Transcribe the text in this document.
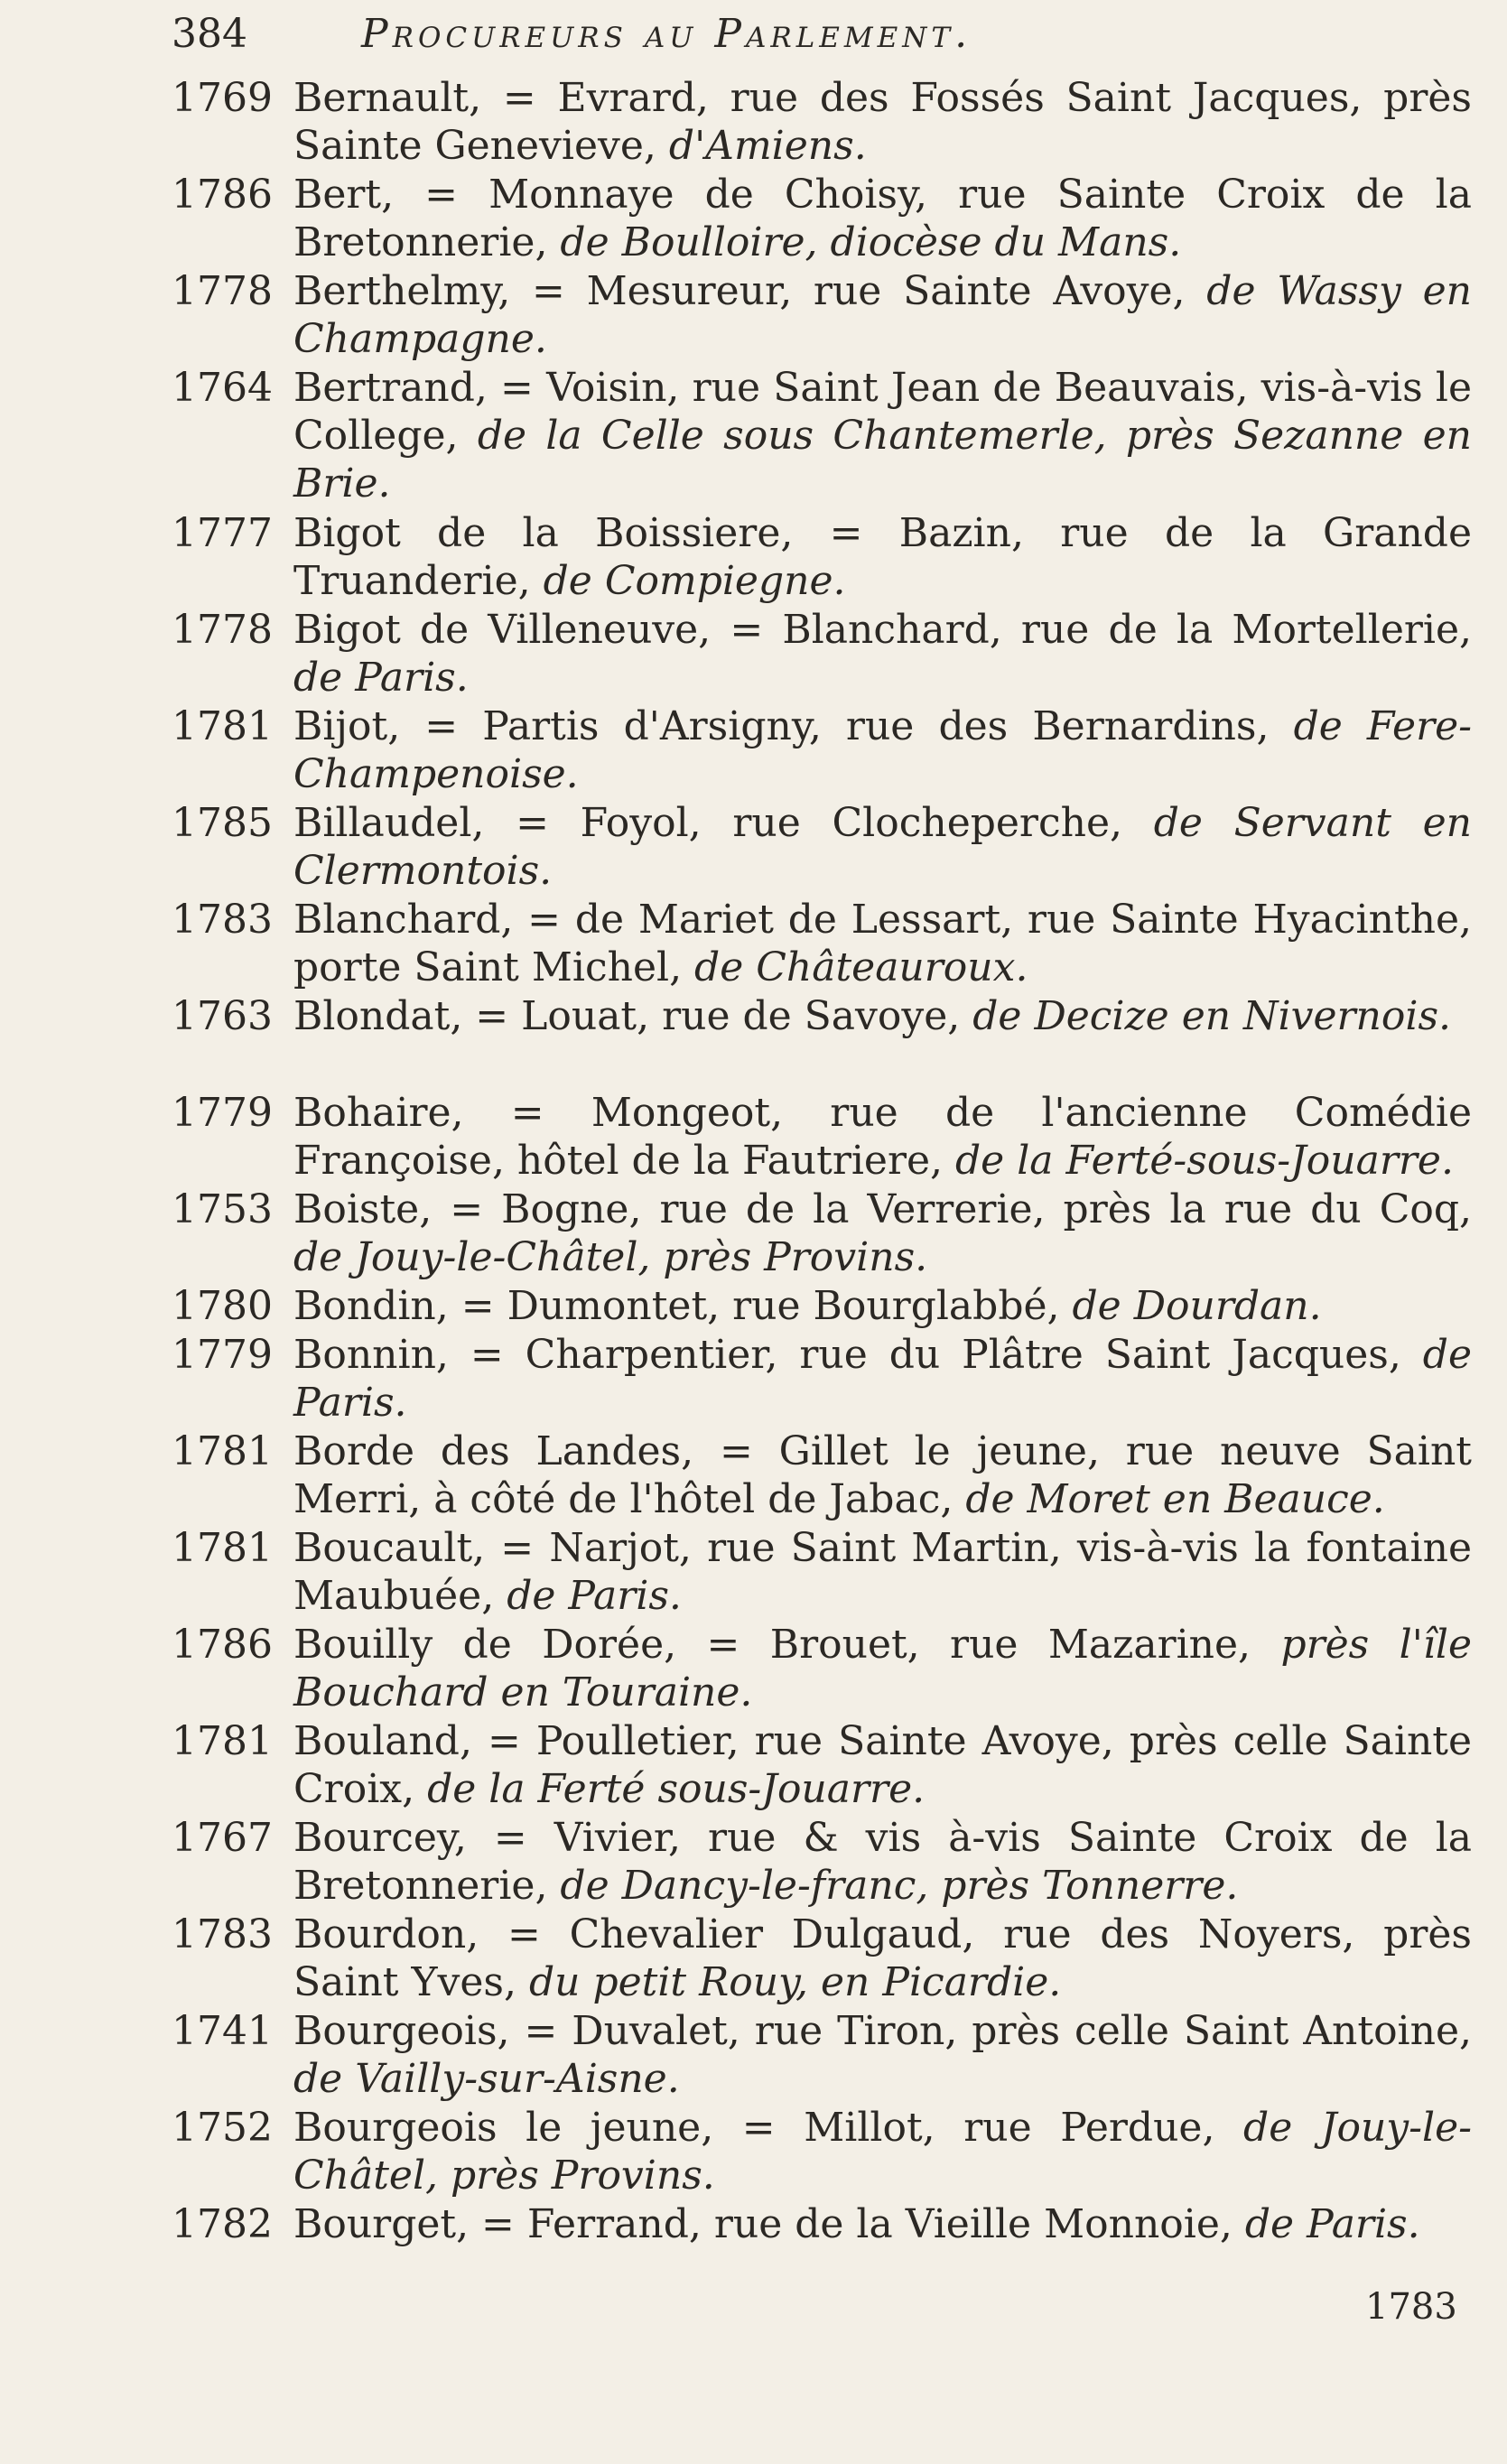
384	Procureurs au Parlement.
1769 Bernault, = Evrard, rue des Fossés Saint Jacques, près Sainte Genevieve, d'Amiens.
1786 Bert, = Monnaye de Choisy, rue Sainte Croix de la Bretonnerie, de Boulloire, diocèse du Mans.
1778 Berthelmy, = Mesureur, rue Sainte Avoye, de Wassy en Champagne.
1764 Bertrand, = Voisin, rue Saint Jean de Beauvais, vis-à-vis le College, de la Celle sous Chantemerle, près Sezanne en Brie.
1777 Bigot de la Boissiere, = Bazin, rue de la Grande Truanderie, de Compiegne.
1778 Bigot de Villeneuve, = Blanchard, rue de la Mortellerie, de Paris.
1781 Bijot, = Partis d'Arsigny, rue des Bernardins, de Fere-Champenoise.
1785 Billaudel, = Foyol, rue Clocheperche, de Servant en Clermontois.
1783 Blanchard, = de Mariet de Lessart, rue Sainte Hyacinthe, porte Saint Michel, de Châteauroux.
1763 Blondat, = Louat, rue de Savoye, de Decize en Nivernois.
1779 Bohaire, = Mongeot, rue de l'ancienne Comédie Françoise, hôtel de la Fautriere, de la Ferté-sous-Jouarre.
1753 Boiste, = Bogne, rue de la Verrerie, près la rue du Coq, de Jouy-le-Châtel, près Provins.
1780 Bondin, = Dumontet, rue Bourglabbé, de Dourdan.
1779 Bonnin, = Charpentier, rue du Plâtre Saint Jacques, de Paris.
1781 Borde des Landes, = Gillet le jeune, rue neuve Saint Merri, à côté de l'hôtel de Jabac, de Moret en Beauce.
1781 Boucault, = Narjot, rue Saint Martin, vis-à-vis la fontaine Maubuée, de Paris.
1786 Bouilly de Dorée, = Brouet, rue Mazarine, près l'île Bouchard en Touraine.
1781 Bouland, = Poulletier, rue Sainte Avoye, près celle Sainte Croix, de la Ferté sous-Jouarre.
1767 Bourcey, = Vivier, rue & vis à-vis Sainte Croix de la Bretonnerie, de Dancy-le-franc, près Tonnerre.
1783 Bourdon, = Chevalier Dulgaud, rue des Noyers, près Saint Yves, du petit Rouy, en Picardie.
1741 Bourgeois, = Duvalet, rue Tiron, près celle Saint Antoine, de Vailly-sur-Aisne.
1752 Bourgeois le jeune, = Millot, rue Perdue, de Jouy-le-Châtel, près Provins.
1782 Bourget, = Ferrand, rue de la Vieille Monnoie, de Paris.
1783
